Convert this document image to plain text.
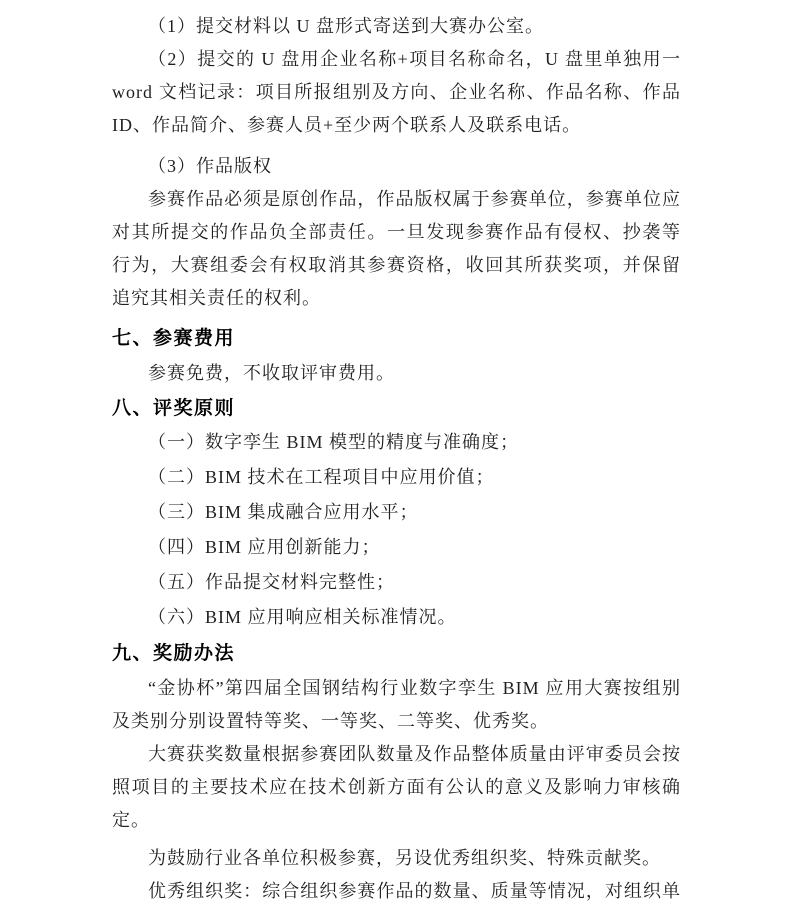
（1）提交材料以 U 盘形式寄送到大赛办公室。

（2）提交的 U 盘用企业名称+项目名称命名，U 盘里单独用一 word 文档记录：项目所报组别及方向、企业名称、作品名称、作品 ID、作品简介、参赛人员+至少两个联系人及联系电话。

（3）作品版权

参赛作品必须是原创作品，作品版权属于参赛单位，参赛单位应对其所提交的作品负全部责任。一旦发现参赛作品有侵权、抄袭等行为，大赛组委会有权取消其参赛资格，收回其所获奖项，并保留追究其相关责任的权利。

七、参赛费用

参赛免费，不收取评审费用。

八、评奖原则

（一）数字孪生 BIM 模型的精度与准确度；

（二）BIM 技术在工程项目中应用价值；

（三）BIM 集成融合应用水平；

（四）BIM 应用创新能力；

（五）作品提交材料完整性；

（六）BIM 应用响应相关标准情况。

九、奖励办法

“金协杯”第四届全国钢结构行业数字孪生 BIM 应用大赛按组别及类别分别设置特等奖、一等奖、二等奖、优秀奖。

大赛获奖数量根据参赛团队数量及作品整体质量由评审委员会按照项目的主要技术应在技术创新方面有公认的意义及影响力审核确定。

为鼓励行业各单位积极参赛，另设优秀组织奖、特殊贡献奖。

优秀组织奖：综合组织参赛作品的数量、质量等情况，对组织单
